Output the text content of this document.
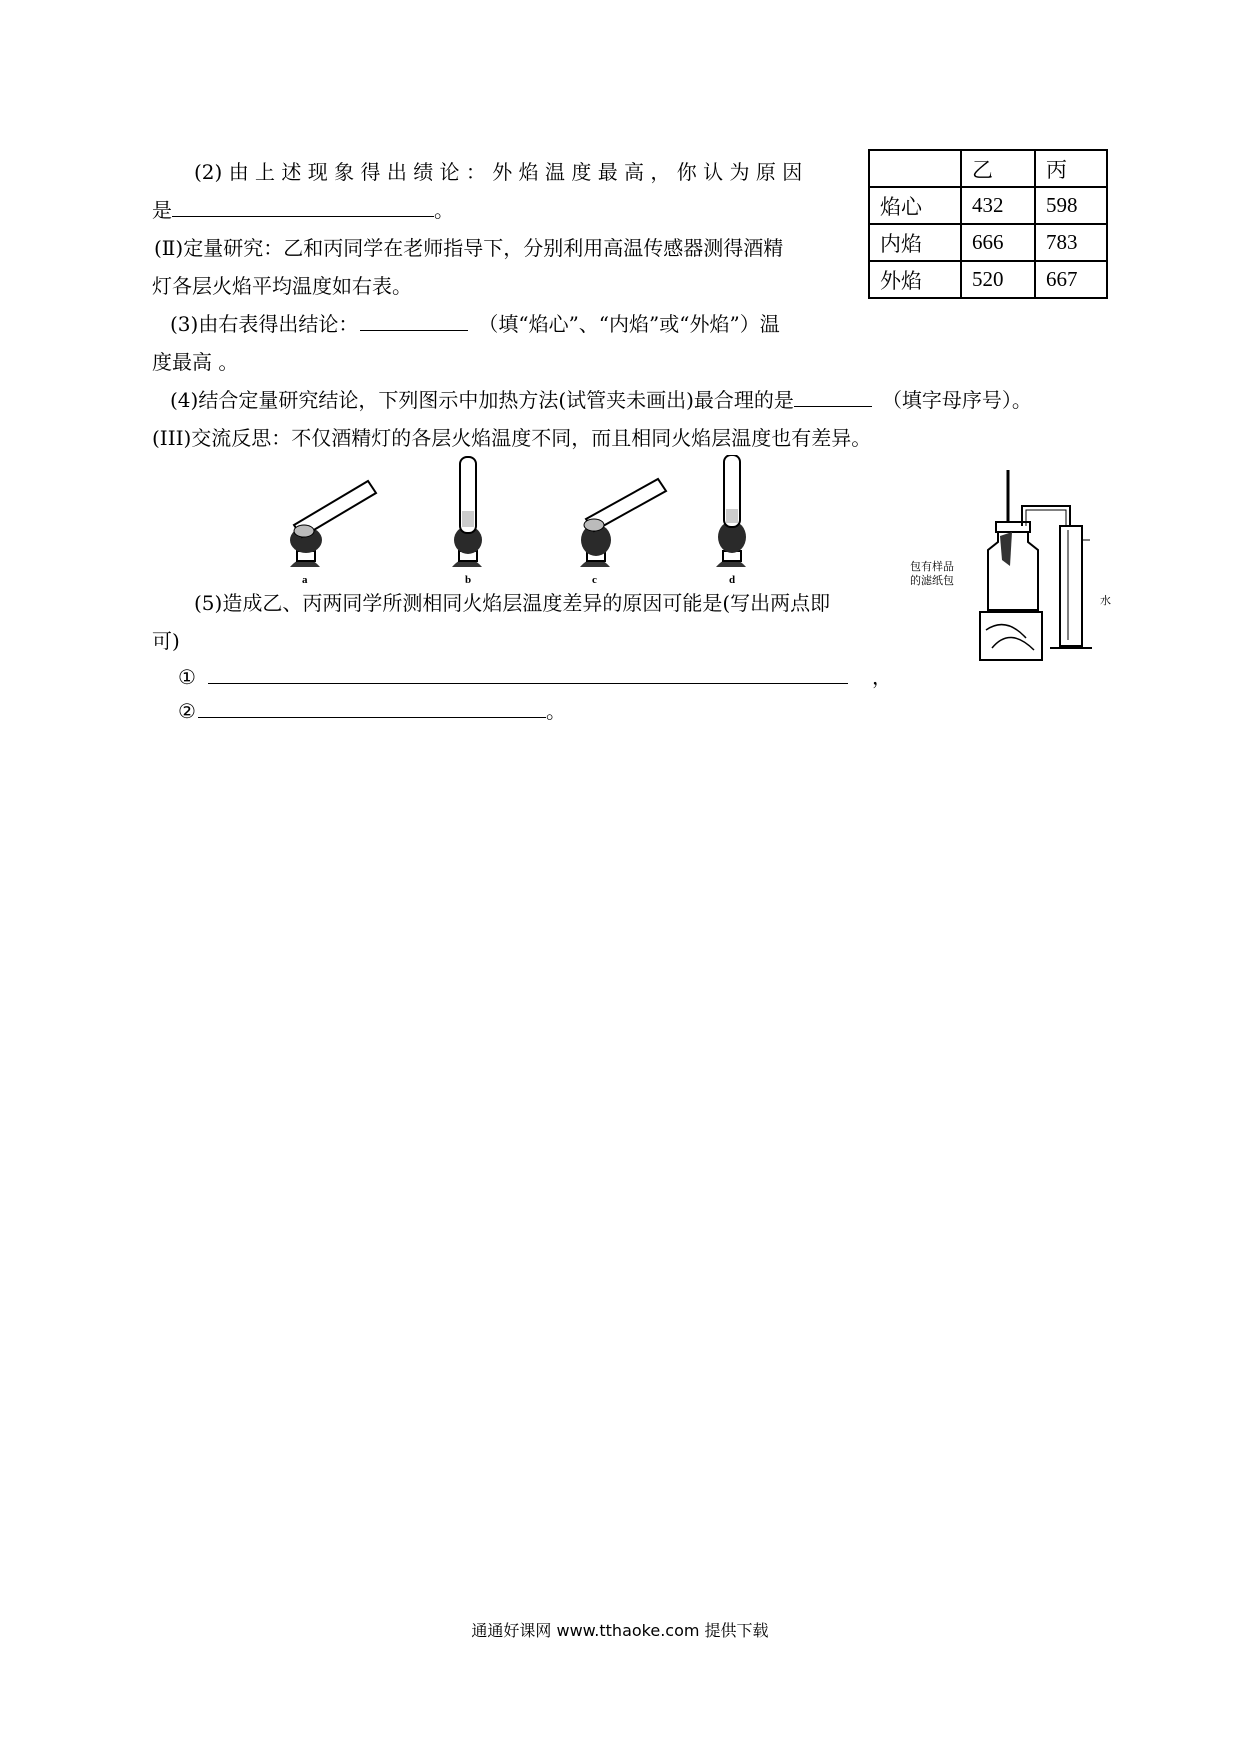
(2) 由 上 述 现 象 得 出 绩 论 ： 外 焰 温 度 最 高 ， 你 认 为 原 因
是	。
(Ⅱ)定量研究：乙和丙同学在老师指导下，分别利用高温传感器测得酒精
灯各层火焰平均温度如右表。
(3)由右表得出结论：	（填“焰心”、“内焰”或“外焰”）温
度最高 。
(4)结合定量研究结论，下列图示中加热方法(试管夹未画出)最合理的是	（填字母序号）。
(III)交流反思：不仅酒精灯的各层火焰温度不同，而且相同火焰层温度也有差异。
	乙	丙
焰心	432	598
内焰	666	783
外焰	520	667
a	b	c	d
包有样品
的滤纸包
水
(5)造成乙、丙两同学所测相同火焰层温度差异的原因可能是(写出两点即
可)
①	，
②	。
通通好课网 www.tthaoke.com 提供下载
